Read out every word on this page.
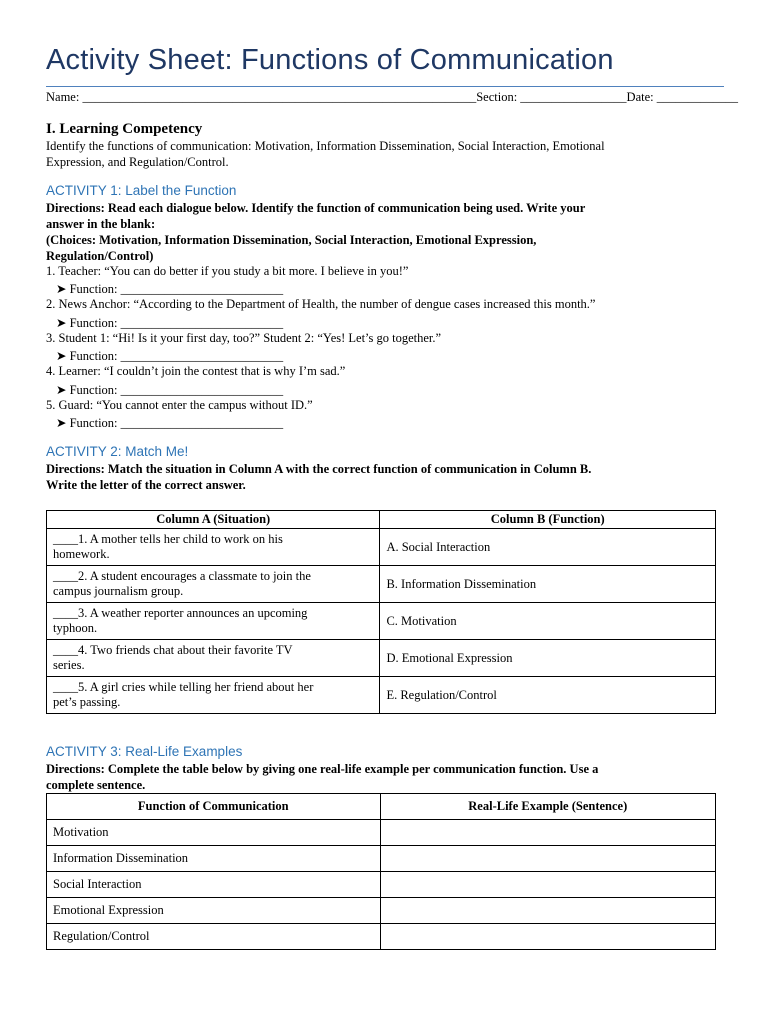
Activity Sheet: Functions of Communication
Name: _______________________________________________________________Section: _________________Date: _____________
I. Learning Competency
Identify the functions of communication: Motivation, Information Dissemination, Social Interaction, Emotional
Expression, and Regulation/Control.
ACTIVITY 1: Label the Function
Directions: Read each dialogue below. Identify the function of communication being used. Write your
answer in the blank:
(Choices: Motivation, Information Dissemination, Social Interaction, Emotional Expression,
Regulation/Control)
1. Teacher: “You can do better if you study a bit more. I believe in you!”
➤ Function: __________________________
2. News Anchor: “According to the Department of Health, the number of dengue cases increased this month.”
➤ Function: __________________________
3. Student 1: “Hi! Is it your first day, too?” Student 2: “Yes! Let’s go together.”
➤ Function: __________________________
4. Learner: “I couldn’t join the contest that is why I’m sad.”
➤ Function: __________________________
5. Guard: “You cannot enter the campus without ID.”
➤ Function: __________________________
ACTIVITY 2: Match Me!
Directions: Match the situation in Column A with the correct function of communication in Column B.
Write the letter of the correct answer.
Column A (Situation)	Column B (Function)
____1. A mother tells her child to work on his
homework.	A. Social Interaction
____2. A student encourages a classmate to join the
campus journalism group.	B. Information Dissemination
____3. A weather reporter announces an upcoming
typhoon.	C. Motivation
____4. Two friends chat about their favorite TV
series.	D. Emotional Expression
____5. A girl cries while telling her friend about her
pet’s passing.	E. Regulation/Control
ACTIVITY 3: Real-Life Examples
Directions: Complete the table below by giving one real-life example per communication function. Use a
complete sentence.
Function of Communication	Real-Life Example (Sentence)
Motivation	
Information Dissemination	
Social Interaction	
Emotional Expression	
Regulation/Control	
